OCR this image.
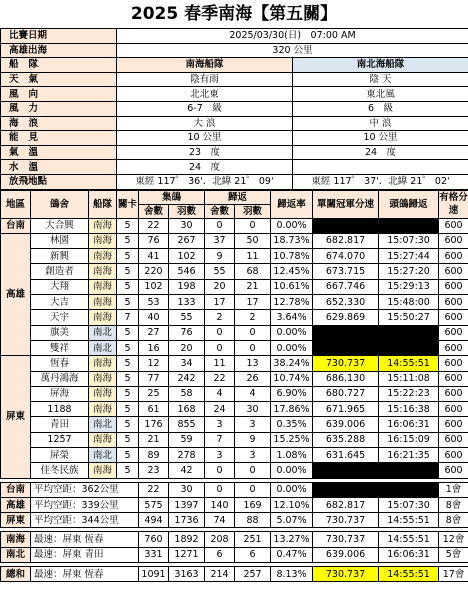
2025 春季南海【第五關】
比賽日期	2025/03/30(日)　07:00 AM	
高雄出海	320 公里	
船隊	南海船隊	南北海船隊
天氣	陰有雨	陰 天
風向	北北東	東北風
風力	6-7　級	6　級
海浪	大 浪	中 浪
能見	10 公里	10 公里
氣溫	23　度	24　度
水溫	24　度	
放飛地點	東經 117゜ 36'．北緯 21゜ 09'	東經 117゜ 37'．北緯 21゜ 02'
地區	鴿舍	船隊	關卡	集鴿		歸返		歸返率	單關冠軍分速	頭鴿歸返	有格分速
				舍數	羽數	舍數	羽數				
台南	大合興	南海	5	22	30	0	0	0.00%			600
高雄	林園	南海	5	76	267	37	50	18.73%	682.817	15:07:30	600
	新興	南海	5	41	102	9	11	10.78%	674.070	15:27:44	600
	創造者	南海	5	220	546	55	68	12.45%	673.715	15:27:20	600
	大翔	南海	5	102	198	20	21	10.61%	667.746	15:29:13	600
	大吉	南海	5	53	133	17	17	12.78%	652.330	15:48:00	600
	天宇	南海	7	40	55	2	2	3.64%	629.869	15:50:27	600
	旗美	南北	5	27	76	0	0	0.00%			600
	雙祥	南北	5	16	20	0	0	0.00%			600
屏東	恆春	南海	5	12	34	11	13	38.24%	730.737	14:55:51	600
	萬丹鴻海	南海	5	77	242	22	26	10.74%	686.130	15:11:08	600
	屏海	南海	5	25	58	4	4	6.90%	680.727	15:22:23	600
	1188	南海	5	61	168	24	30	17.86%	671.965	15:16:38	600
	青田	南北	5	176	855	3	3	0.35%	639.006	16:06:31	600
	1257	南海	5	21	59	7	9	15.25%	635.288	16:15:09	600
	屏榮	南北	5	89	278	3	3	1.08%	631.645	16:21:35	600
	佳冬民族	南海	5	23	42	0	0	0.00%			600

台南	平均空距：362公里			22	30	0	0	0.00%			1會
高雄	平均空距：339公里			575	1397	140	169	12.10%	682.817	15:07:30	8會
屏東	平均空距：344公里			494	1736	74	88	5.07%	730.737	14:55:51	8會

南海	最速：屏東 恆春			760	1892	208	251	13.27%	730.737	14:55:51	12會
南北	最速：屏東 青田			331	1271	6	6	0.47%	639.006	16:06:31	5會

總和	最速：屏東 恆春			1091	3163	214	257	8.13%	730.737	14:55:51	17會
